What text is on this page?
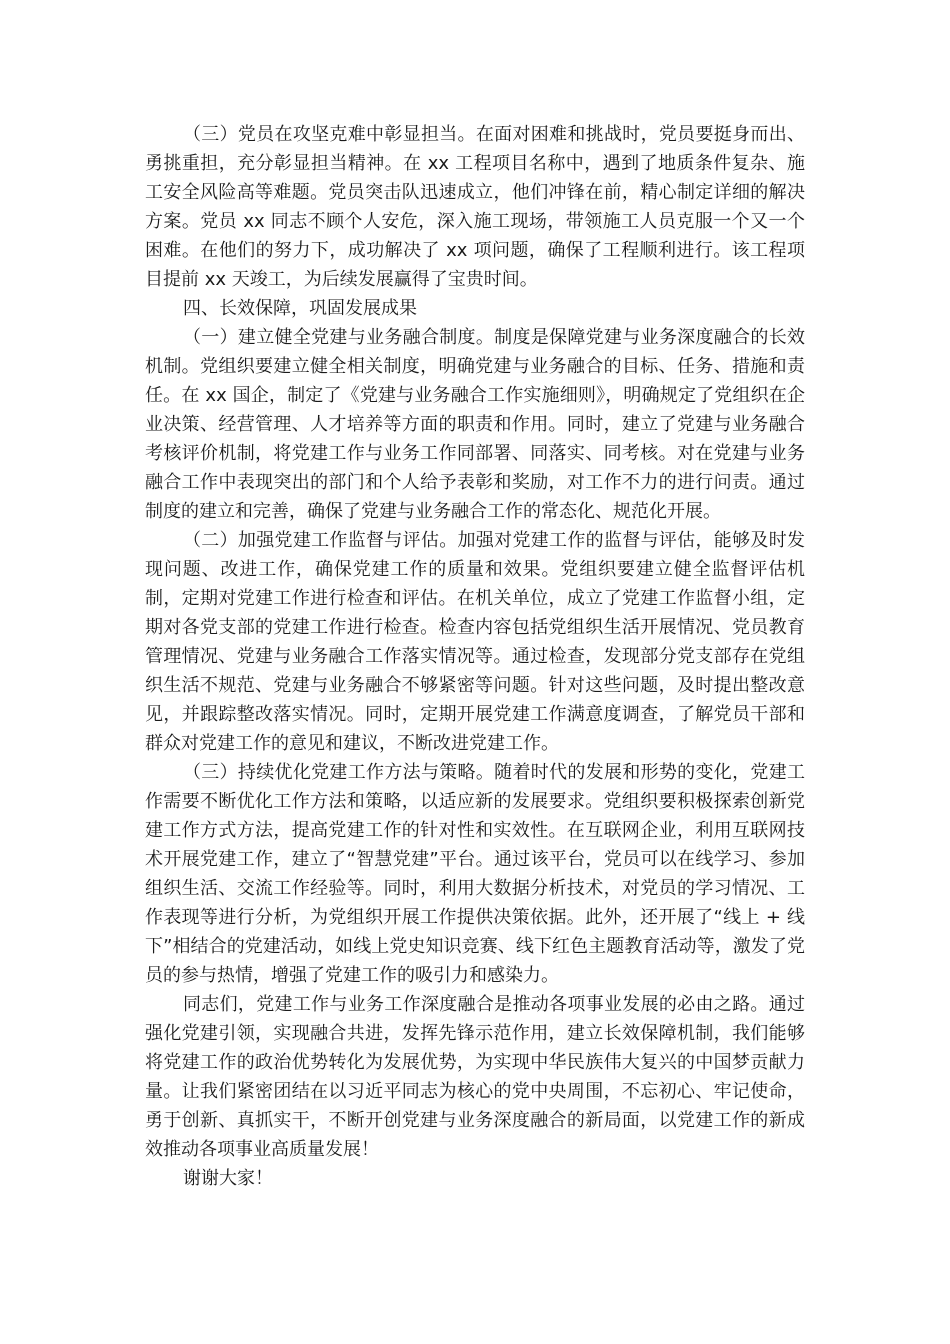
（三）党员在攻坚克难中彰显担当。在面对困难和挑战时，党员要挺身而出、勇挑重担，充分彰显担当精神。在 xx 工程项目名称中，遇到了地质条件复杂、施工安全风险高等难题。党员突击队迅速成立，他们冲锋在前，精心制定详细的解决方案。党员 xx 同志不顾个人安危，深入施工现场，带领施工人员克服一个又一个困难。在他们的努力下，成功解决了 xx 项问题，确保了工程顺利进行。该工程项目提前 xx 天竣工，为后续发展赢得了宝贵时间。

四、长效保障，巩固发展成果

（一）建立健全党建与业务融合制度。制度是保障党建与业务深度融合的长效机制。党组织要建立健全相关制度，明确党建与业务融合的目标、任务、措施和责任。在 xx 国企，制定了《党建与业务融合工作实施细则》，明确规定了党组织在企业决策、经营管理、人才培养等方面的职责和作用。同时，建立了党建与业务融合考核评价机制，将党建工作与业务工作同部署、同落实、同考核。对在党建与业务融合工作中表现突出的部门和个人给予表彰和奖励，对工作不力的进行问责。通过制度的建立和完善，确保了党建与业务融合工作的常态化、规范化开展。

（二）加强党建工作监督与评估。加强对党建工作的监督与评估，能够及时发现问题、改进工作，确保党建工作的质量和效果。党组织要建立健全监督评估机制，定期对党建工作进行检查和评估。在机关单位，成立了党建工作监督小组，定期对各党支部的党建工作进行检查。检查内容包括党组织生活开展情况、党员教育管理情况、党建与业务融合工作落实情况等。通过检查，发现部分党支部存在党组织生活不规范、党建与业务融合不够紧密等问题。针对这些问题，及时提出整改意见，并跟踪整改落实情况。同时，定期开展党建工作满意度调查，了解党员干部和群众对党建工作的意见和建议，不断改进党建工作。

（三）持续优化党建工作方法与策略。随着时代的发展和形势的变化，党建工作需要不断优化工作方法和策略，以适应新的发展要求。党组织要积极探索创新党建工作方式方法，提高党建工作的针对性和实效性。在互联网企业，利用互联网技术开展党建工作，建立了“智慧党建”平台。通过该平台，党员可以在线学习、参加组织生活、交流工作经验等。同时，利用大数据分析技术，对党员的学习情况、工作表现等进行分析，为党组织开展工作提供决策依据。此外，还开展了“线上 + 线下”相结合的党建活动，如线上党史知识竞赛、线下红色主题教育活动等，激发了党员的参与热情，增强了党建工作的吸引力和感染力。

同志们，党建工作与业务工作深度融合是推动各项事业发展的必由之路。通过强化党建引领，实现融合共进，发挥先锋示范作用，建立长效保障机制，我们能够将党建工作的政治优势转化为发展优势，为实现中华民族伟大复兴的中国梦贡献力量。让我们紧密团结在以习近平同志为核心的党中央周围，不忘初心、牢记使命，勇于创新、真抓实干，不断开创党建与业务深度融合的新局面，以党建工作的新成效推动各项事业高质量发展！

谢谢大家！
